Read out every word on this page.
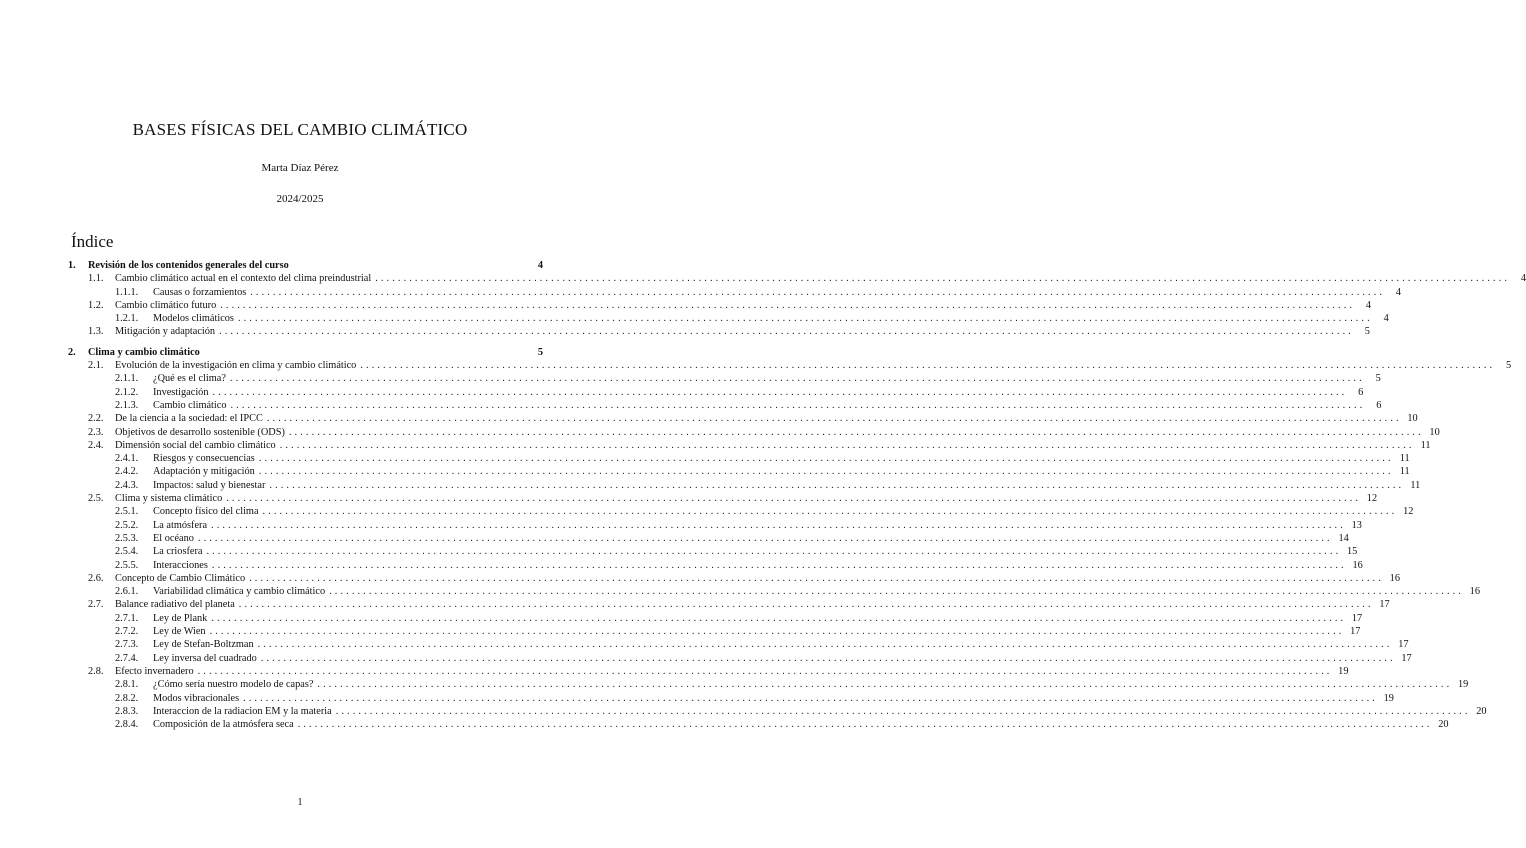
BASES FÍSICAS DEL CAMBIO CLIMÁTICO
Marta Díaz Pérez
2024/2025
Índice
1.	Revisión de los contenidos generales del curso	4
1.1.	Cambio climático actual en el contexto del clima preindustrial ........................................................................................................................................................................................................	4
1.1.1.	Causas o forzamientos ........................................................................................................................................................................................................	4
1.2.	Cambio climático futuro ........................................................................................................................................................................................................	4
1.2.1.	Modelos climáticos ........................................................................................................................................................................................................	4
1.3.	Mitigación y adaptación ........................................................................................................................................................................................................	5
2.	Clima y cambio climático	5
2.1.	Evolución de la investigación en clima y cambio climático ........................................................................................................................................................................................................	5
2.1.1.	¿Qué es el clima? ........................................................................................................................................................................................................	5
2.1.2.	Investigación ........................................................................................................................................................................................................	6
2.1.3.	Cambio climático ........................................................................................................................................................................................................	6
2.2.	De la ciencia a la sociedad: el IPCC ........................................................................................................................................................................................................ 10
2.3.	Objetivos de desarrollo sostenible (ODS) ........................................................................................................................................................................................................ 10
2.4.	Dimensión social del cambio climático ........................................................................................................................................................................................................ 11
2.4.1.	Riesgos y consecuencias ........................................................................................................................................................................................................ 11
2.4.2.	Adaptación y mitigación ........................................................................................................................................................................................................ 11
2.4.3.	Impactos: salud y bienestar ........................................................................................................................................................................................................ 11
2.5.	Clima y sistema climático ........................................................................................................................................................................................................ 12
2.5.1.	Concepto físico del clima ........................................................................................................................................................................................................ 12
2.5.2.	La atmósfera ........................................................................................................................................................................................................ 13
2.5.3.	El océano ........................................................................................................................................................................................................ 14
2.5.4.	La criosfera ........................................................................................................................................................................................................ 15
2.5.5.	Interacciones ........................................................................................................................................................................................................ 16
2.6.	Concepto de Cambio Climático ........................................................................................................................................................................................................ 16
2.6.1.	Variabilidad climática y cambio climático ........................................................................................................................................................................................................ 16
2.7.	Balance radiativo del planeta ........................................................................................................................................................................................................ 17
2.7.1.	Ley de Plank ........................................................................................................................................................................................................ 17
2.7.2.	Ley de Wien ........................................................................................................................................................................................................ 17
2.7.3.	Ley de Stefan-Boltzman ........................................................................................................................................................................................................ 17
2.7.4.	Ley inversa del cuadrado ........................................................................................................................................................................................................ 17
2.8.	Efecto invernadero ........................................................................................................................................................................................................ 19
2.8.1.	¿Cómo sería nuestro modelo de capas? ........................................................................................................................................................................................................ 19
2.8.2.	Modos vibracionales ........................................................................................................................................................................................................ 19
2.8.3.	Interaccion de la radiacion EM y la materia ........................................................................................................................................................................................................ 20
2.8.4.	Composición de la atmósfera seca ........................................................................................................................................................................................................ 20
1
